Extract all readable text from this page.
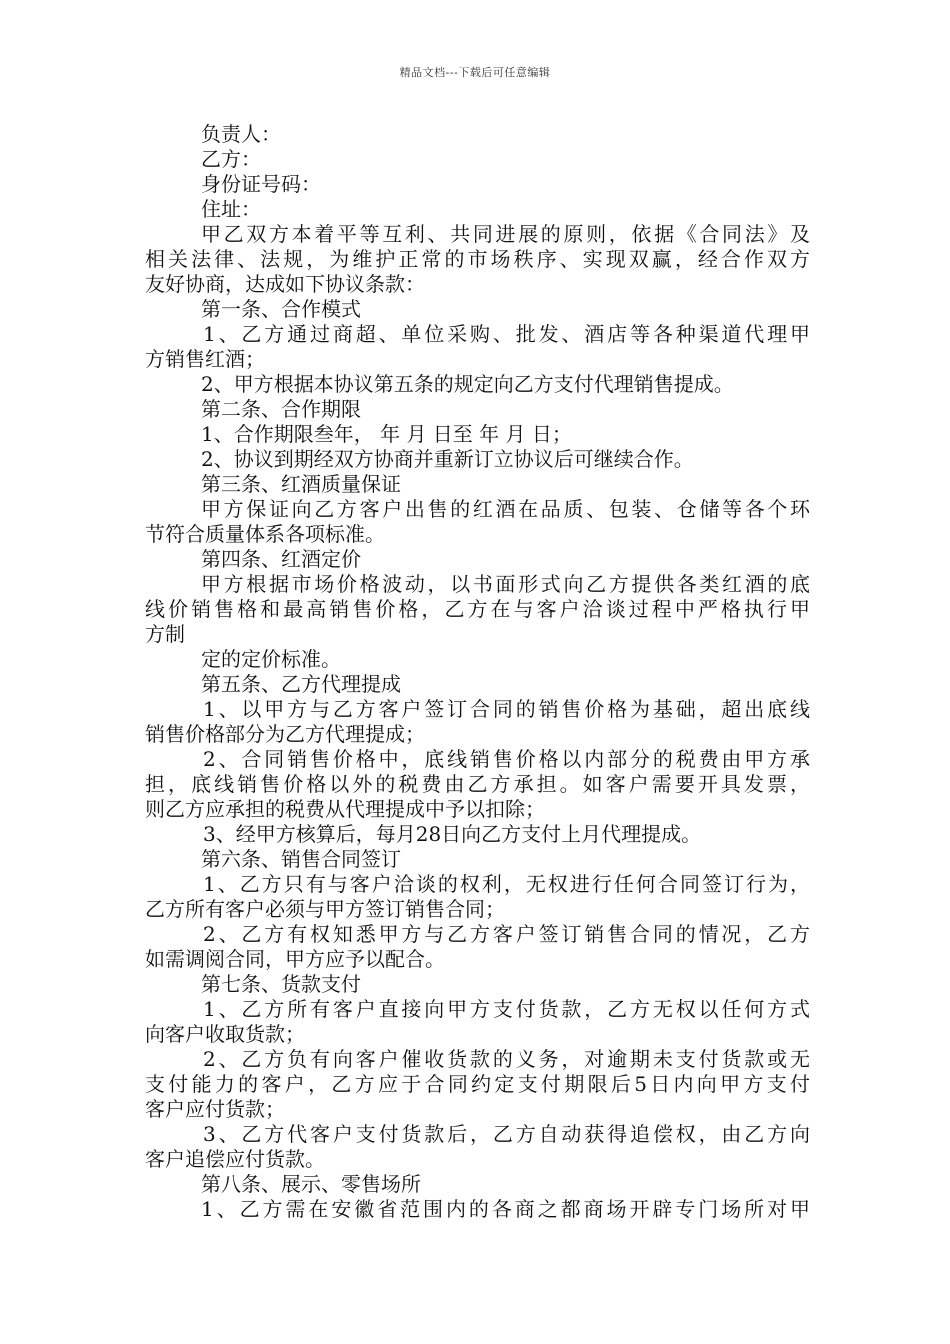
精品文档---下载后可任意编辑

负责人：

乙方：

身份证号码：

住址：

甲乙双方本着平等互利、共同进展的原则，依据《合同法》及

相关法律、法规，为维护正常的市场秩序、实现双赢，经合作双方

友好协商，达成如下协议条款：

第一条、合作模式

1、乙方通过商超、单位采购、批发、酒店等各种渠道代理甲

方销售红酒；

2、甲方根据本协议第五条的规定向乙方支付代理销售提成。

第二条、合作期限

1、合作期限叁年， 年 月 日至 年 月 日；

2、协议到期经双方协商并重新订立协议后可继续合作。

第三条、红酒质量保证

甲方保证向乙方客户出售的红酒在品质、包装、仓储等各个环

节符合质量体系各项标准。

第四条、红酒定价

甲方根据市场价格波动，以书面形式向乙方提供各类红酒的底

线价销售格和最高销售价格，乙方在与客户洽谈过程中严格执行甲

方制

定的定价标准。

第五条、乙方代理提成

1、以甲方与乙方客户签订合同的销售价格为基础，超出底线

销售价格部分为乙方代理提成；

2、合同销售价格中，底线销售价格以内部分的税费由甲方承

担，底线销售价格以外的税费由乙方承担。如客户需要开具发票，

则乙方应承担的税费从代理提成中予以扣除；

3、经甲方核算后，每月28日向乙方支付上月代理提成。

第六条、销售合同签订

1、乙方只有与客户洽谈的权利，无权进行任何合同签订行为，

乙方所有客户必须与甲方签订销售合同；

2、乙方有权知悉甲方与乙方客户签订销售合同的情况，乙方

如需调阅合同，甲方应予以配合。

第七条、货款支付

1、乙方所有客户直接向甲方支付货款，乙方无权以任何方式

向客户收取货款；

2、乙方负有向客户催收货款的义务，对逾期未支付货款或无

支付能力的客户，乙方应于合同约定支付期限后5日内向甲方支付

客户应付货款；

3、乙方代客户支付货款后，乙方自动获得追偿权，由乙方向

客户追偿应付货款。

第八条、展示、零售场所

1、乙方需在安徽省范围内的各商之都商场开辟专门场所对甲
